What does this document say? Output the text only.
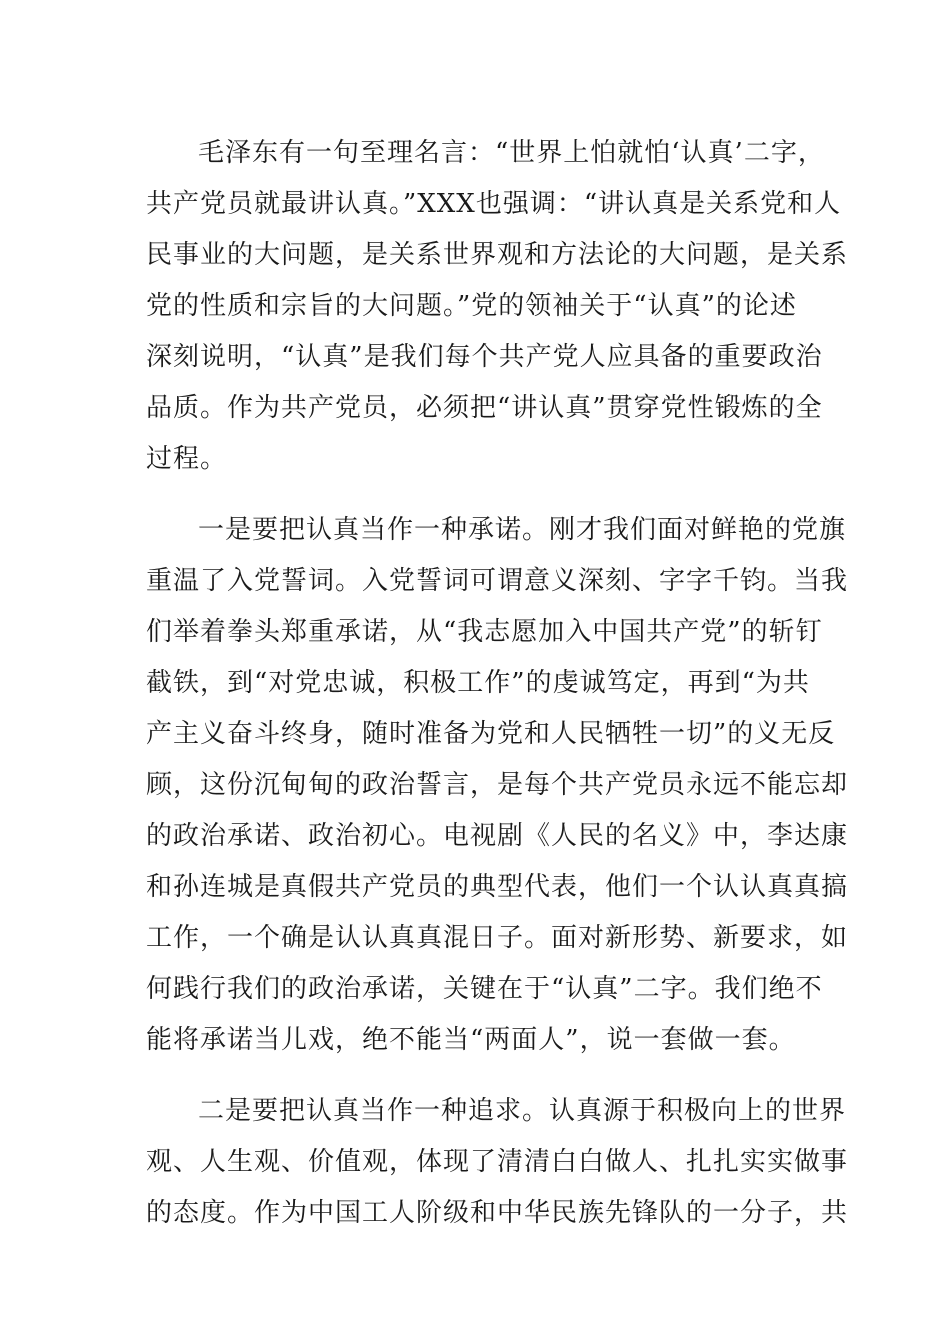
毛泽东有一句至理名言：“世界上怕就怕‘认真’二字，
共产党员就最讲认真。”XXX也强调：“讲认真是关系党和人
民事业的大问题，是关系世界观和方法论的大问题，是关系
党的性质和宗旨的大问题。”党的领袖关于“认真”的论述
深刻说明，“认真”是我们每个共产党人应具备的重要政治
品质。作为共产党员，必须把“讲认真”贯穿党性锻炼的全
过程。
一是要把认真当作一种承诺。刚才我们面对鲜艳的党旗
重温了入党誓词。入党誓词可谓意义深刻、字字千钧。当我
们举着拳头郑重承诺，从“我志愿加入中国共产党”的斩钉
截铁，到“对党忠诚，积极工作”的虔诚笃定，再到“为共
产主义奋斗终身，随时准备为党和人民牺牲一切”的义无反
顾，这份沉甸甸的政治誓言，是每个共产党员永远不能忘却
的政治承诺、政治初心。电视剧《人民的名义》中，李达康
和孙连城是真假共产党员的典型代表，他们一个认认真真搞
工作，一个确是认认真真混日子。面对新形势、新要求，如
何践行我们的政治承诺，关键在于“认真”二字。我们绝不
能将承诺当儿戏，绝不能当“两面人”，说一套做一套。
二是要把认真当作一种追求。认真源于积极向上的世界
观、人生观、价值观，体现了清清白白做人、扎扎实实做事
的态度。作为中国工人阶级和中华民族先锋队的一分子，共
